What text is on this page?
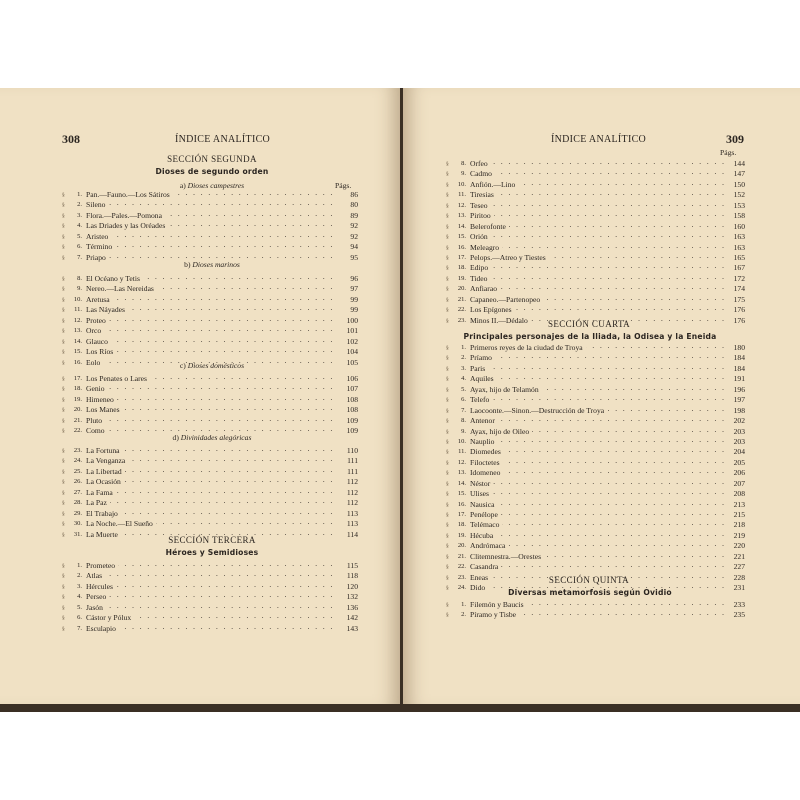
308	ÍNDICE ANALÍTICO
SECCIÓN SEGUNDA
Dioses de segundo orden
a) Dioses campestres	Págs.
b) Dioses marinos
c) Dioses domésticos
d) Divinidades alegóricas
SECCIÓN TERCERA
Héroes y Semidioses
§	1. · · · Pan.—Fauno.—Los Sátiros	86
§	2. · · · Sileno	80
§	3. · · · Flora.—Pales.—Pomona	89
§	4. · · · Las Driades y las Oréades	92
§	5. · · · Aristeo	92
§	6. · · · Término	94
§	7. · · · Priapo	95
§	8. · · · El Océano y Tetis	96
§	9. · · · Nereo.—Las Nereidas	97
§	10. · · · Aretusa	99
§	11. · · · Las Náyades	99
§	12. · · · Proteo	100
§	13. · · · Orco	101
§	14. · · · Glauco	102
§	15. · · · Los Ríos	104
§	16. · · · Eolo	105
§	17. · · · Los Penates o Lares	106
§	18. · · · Genio	107
§	19. · · · Himeneo	108
§	20. · · · Los Manes	108
§	21. · · · Pluto	109
§	22. · · · Como	109
§	23. · · · La Fortuna	110
§	24. · · · La Venganza	111
§	25. · · · La Libertad	111
§	26. · · · La Ocasión	112
§	27. · · · La Fama	112
§	28. · · · La Paz	112
§	29. · · · El Trabajo	113
§	30. · · · La Noche.—El Sueño	113
§	31. · · · La Muerte	114
§	1. · · · Prometeo	115
§	2. · · · Atlas	118
§	3. · · · Hércules	120
§	4. · · · Perseo	132
§	5. · · · Jasón	136
§	6. · · · Cástor y Pólux	142
§	7. · · · Esculapio	143
ÍNDICE ANALÍTICO	309
Págs.
§	8. · · · Orfeo	144
§	9. · · · Cadmo	147
§	10. · · · Anfión.—Lino	150
§	11. · · · Tiresias	152
§	12. · · · Teseo	153
§	13. · · · Piritoo	158
§	14. · · · Belerofonte	160
§	15. · · · Orión	163
§	16. · · · Meleagro	163
§	17. · · · Pelops.—Atreo y Tiestes	165
§	18. · · · Edipo	167
§	19. · · · Tideo	172
§	20. · · · Anfiarao	174
§	21. · · · Capaneo.—Partenopeo	175
§	22. · · · Los Epígones	176
§	23. · · · Minos II.—Dédalo	176
SECCIÓN CUARTA
Principales personajes de la Iliada, la Odisea y la Eneida
§	1. · · · Primeros reyes de la ciudad de Troya	180
§	2. · · · Príamo	184
§	3. · · · Paris	184
§	4. · · · Aquiles	191
§	5. · · · Ayax, hijo de Telamón	196
§	6. · · · Telefo	197
§	7. · · · Laocoonte.—Sinon.—Destrucción de Troya	198
§	8. · · · Antenor	202
§	9. · · · Ayax, hijo de Oileo	203
§	10. · · · Nauplio	203
§	11. · · · Diomedes	204
§	12. · · · Filoctetes	205
§	13. · · · Idomeneo	206
§	14. · · · Néstor	207
§	15. · · · Ulises	208
§	16. · · · Nausica	213
§	17. · · · Penélope	215
§	18. · · · Telémaco	218
§	19. · · · Hécuba	219
§	20. · · · Andrómaca	220
§	21. · · · Clitemnestra.—Orestes	221
§	22. · · · Casandra	227
§	23. · · · Eneas	228
§	24. · · · Dido	231
SECCIÓN QUINTA
Diversas metamorfosis según Ovidio
§	1. · · · Filemón y Baucis	233
§	2. · · · Píramo y Tisbe	235
